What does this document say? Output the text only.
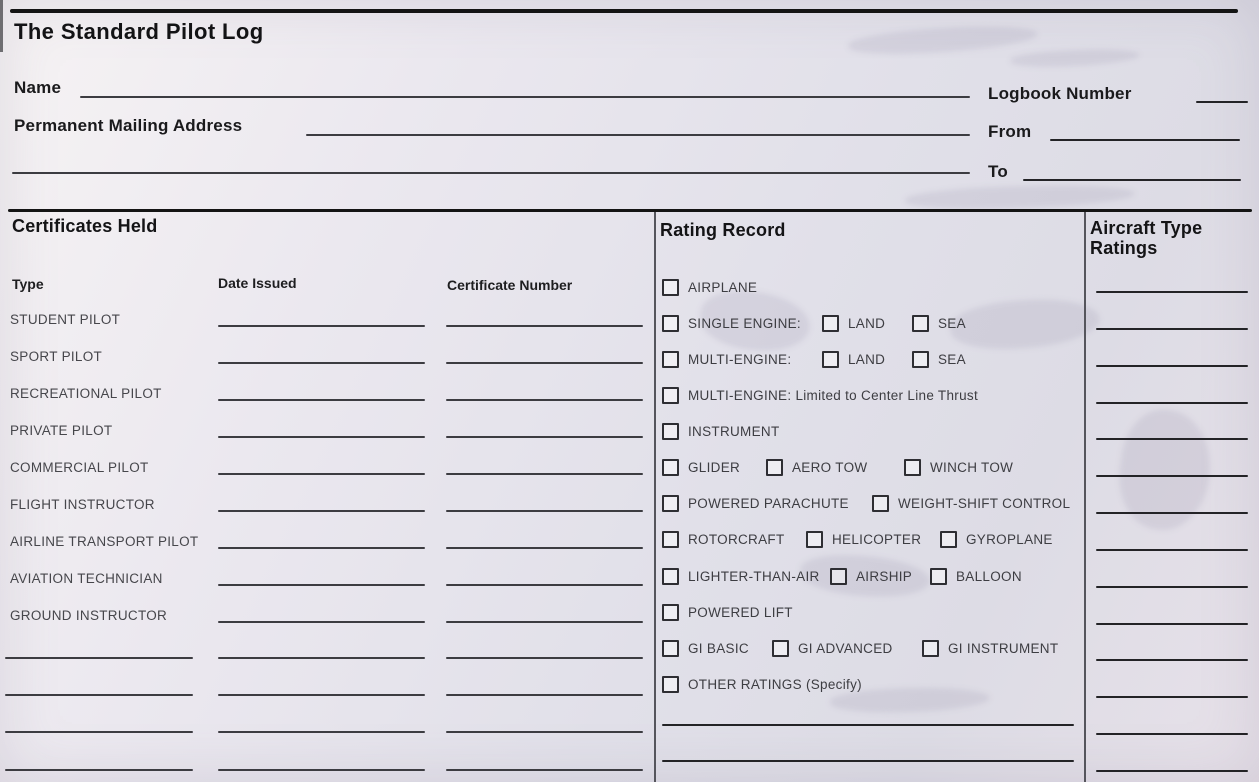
The Standard Pilot Log
Name	Logbook Number
Permanent Mailing Address	From
To
Certificates Held
Type	Date Issued	Certificate Number
STUDENT PILOT
SPORT PILOT
RECREATIONAL PILOT
PRIVATE PILOT
COMMERCIAL PILOT
FLIGHT INSTRUCTOR
AIRLINE TRANSPORT PILOT
AVIATION TECHNICIAN
GROUND INSTRUCTOR
Rating Record
AIRPLANE
SINGLE ENGINE:	LAND	SEA
MULTI-ENGINE:	LAND	SEA
MULTI-ENGINE: Limited to Center Line Thrust
INSTRUMENT
GLIDER	AERO TOW	WINCH TOW
POWERED PARACHUTE	WEIGHT-SHIFT CONTROL
ROTORCRAFT	HELICOPTER	GYROPLANE
LIGHTER-THAN-AIR	AIRSHIP	BALLOON
POWERED LIFT
GI BASIC	GI ADVANCED	GI INSTRUMENT
OTHER RATINGS (Specify)
Aircraft Type Ratings
